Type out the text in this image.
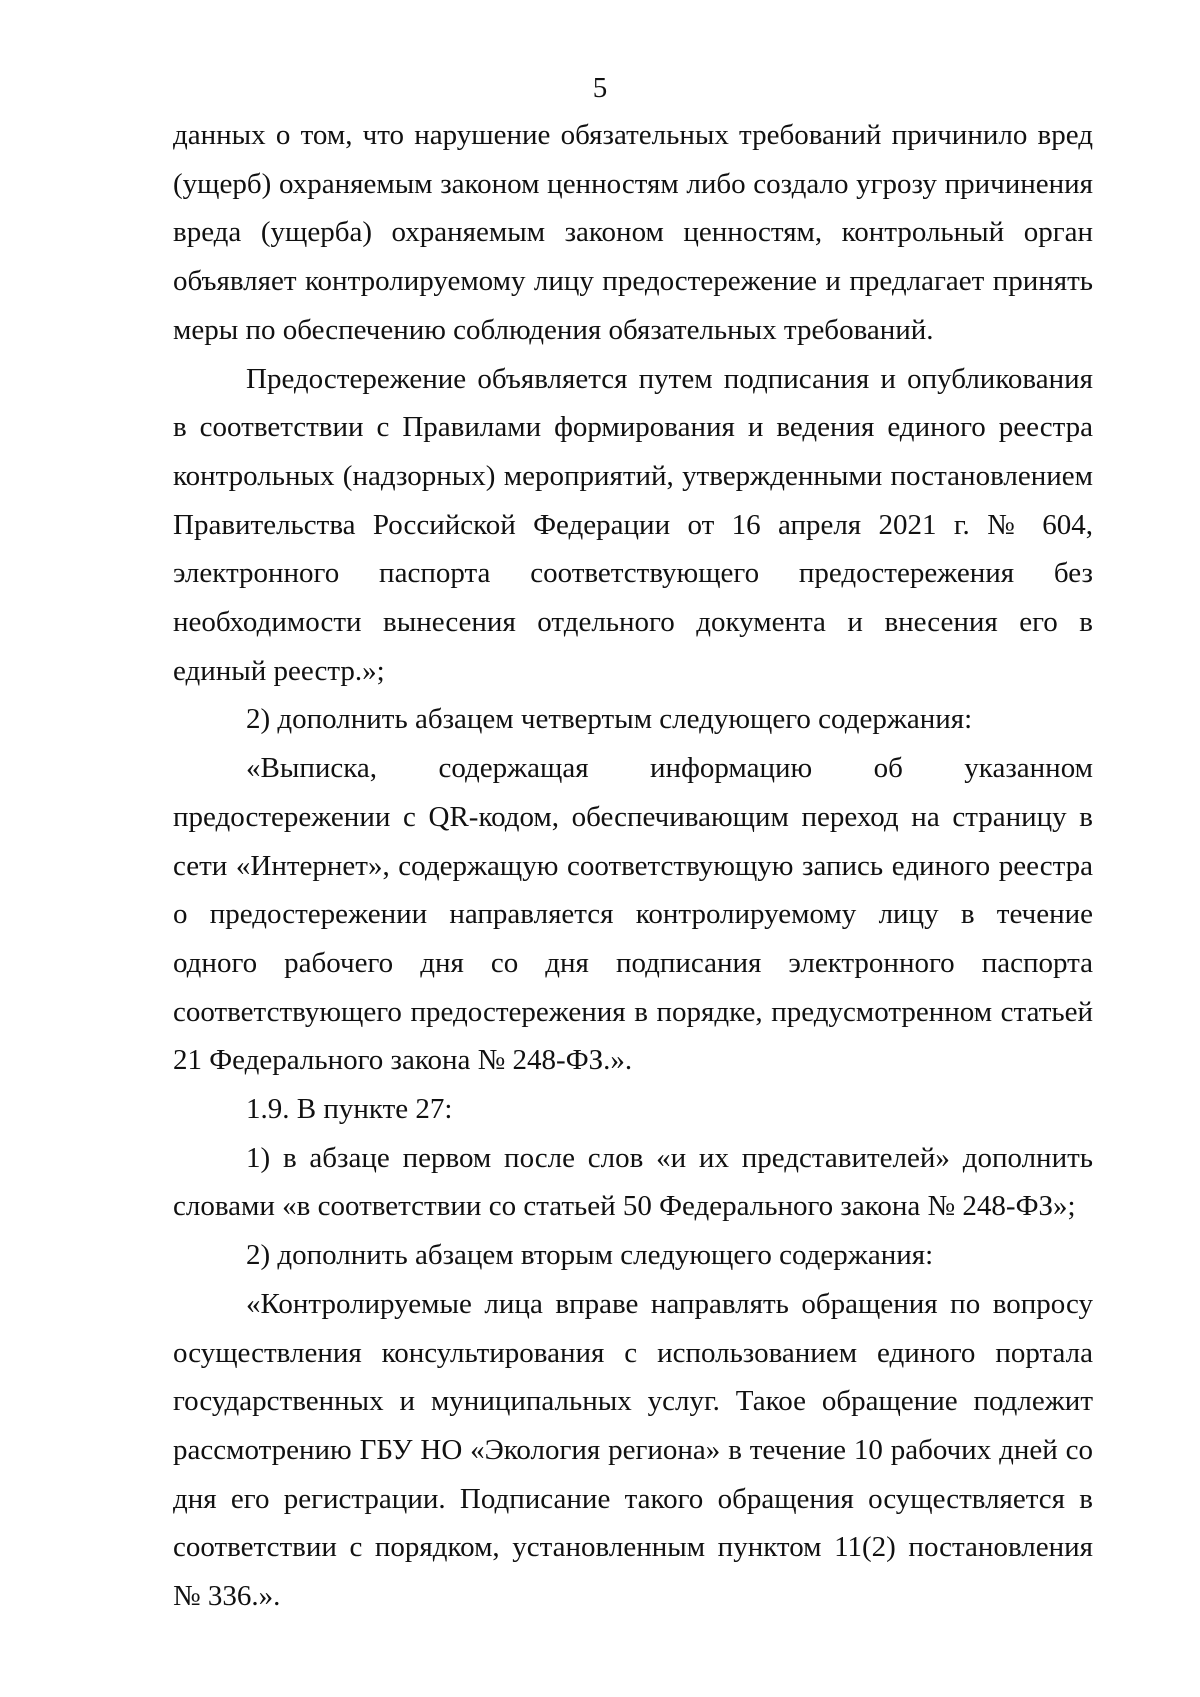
5

данных о том, что нарушение обязательных требований причинило вред (ущерб) охраняемым законом ценностям либо создало угрозу причинения вреда (ущерба) охраняемым законом ценностям, контрольный орган объявляет контролируемому лицу предостережение и предлагает принять меры по обеспечению соблюдения обязательных требований.

Предостережение объявляется путем подписания и опубликования в соответствии с Правилами формирования и ведения единого реестра контрольных (надзорных) мероприятий, утвержденными постановлением Правительства Российской Федерации от 16 апреля 2021 г. № 604, электронного паспорта соответствующего предостережения без необходимости вынесения отдельного документа и внесения его в единый реестр.»;

2) дополнить абзацем четвертым следующего содержания:

«Выписка, содержащая информацию об указанном предостережении с QR-кодом, обеспечивающим переход на страницу в сети «Интернет», содержащую соответствующую запись единого реестра о предостережении направляется контролируемому лицу в течение одного рабочего дня со дня подписания электронного паспорта соответствующего предостережения в порядке, предусмотренном статьей 21 Федерального закона № 248-ФЗ.».

1.9. В пункте 27:

1) в абзаце первом после слов «и их представителей» дополнить словами «в соответствии со статьей 50 Федерального закона № 248-ФЗ»;

2) дополнить абзацем вторым следующего содержания:

«Контролируемые лица вправе направлять обращения по вопросу осуществления консультирования с использованием единого портала государственных и муниципальных услуг. Такое обращение подлежит рассмотрению ГБУ НО «Экология региона» в течение 10 рабочих дней со дня его регистрации. Подписание такого обращения осуществляется в соответствии с порядком, установленным пунктом 11(2) постановления № 336.».
